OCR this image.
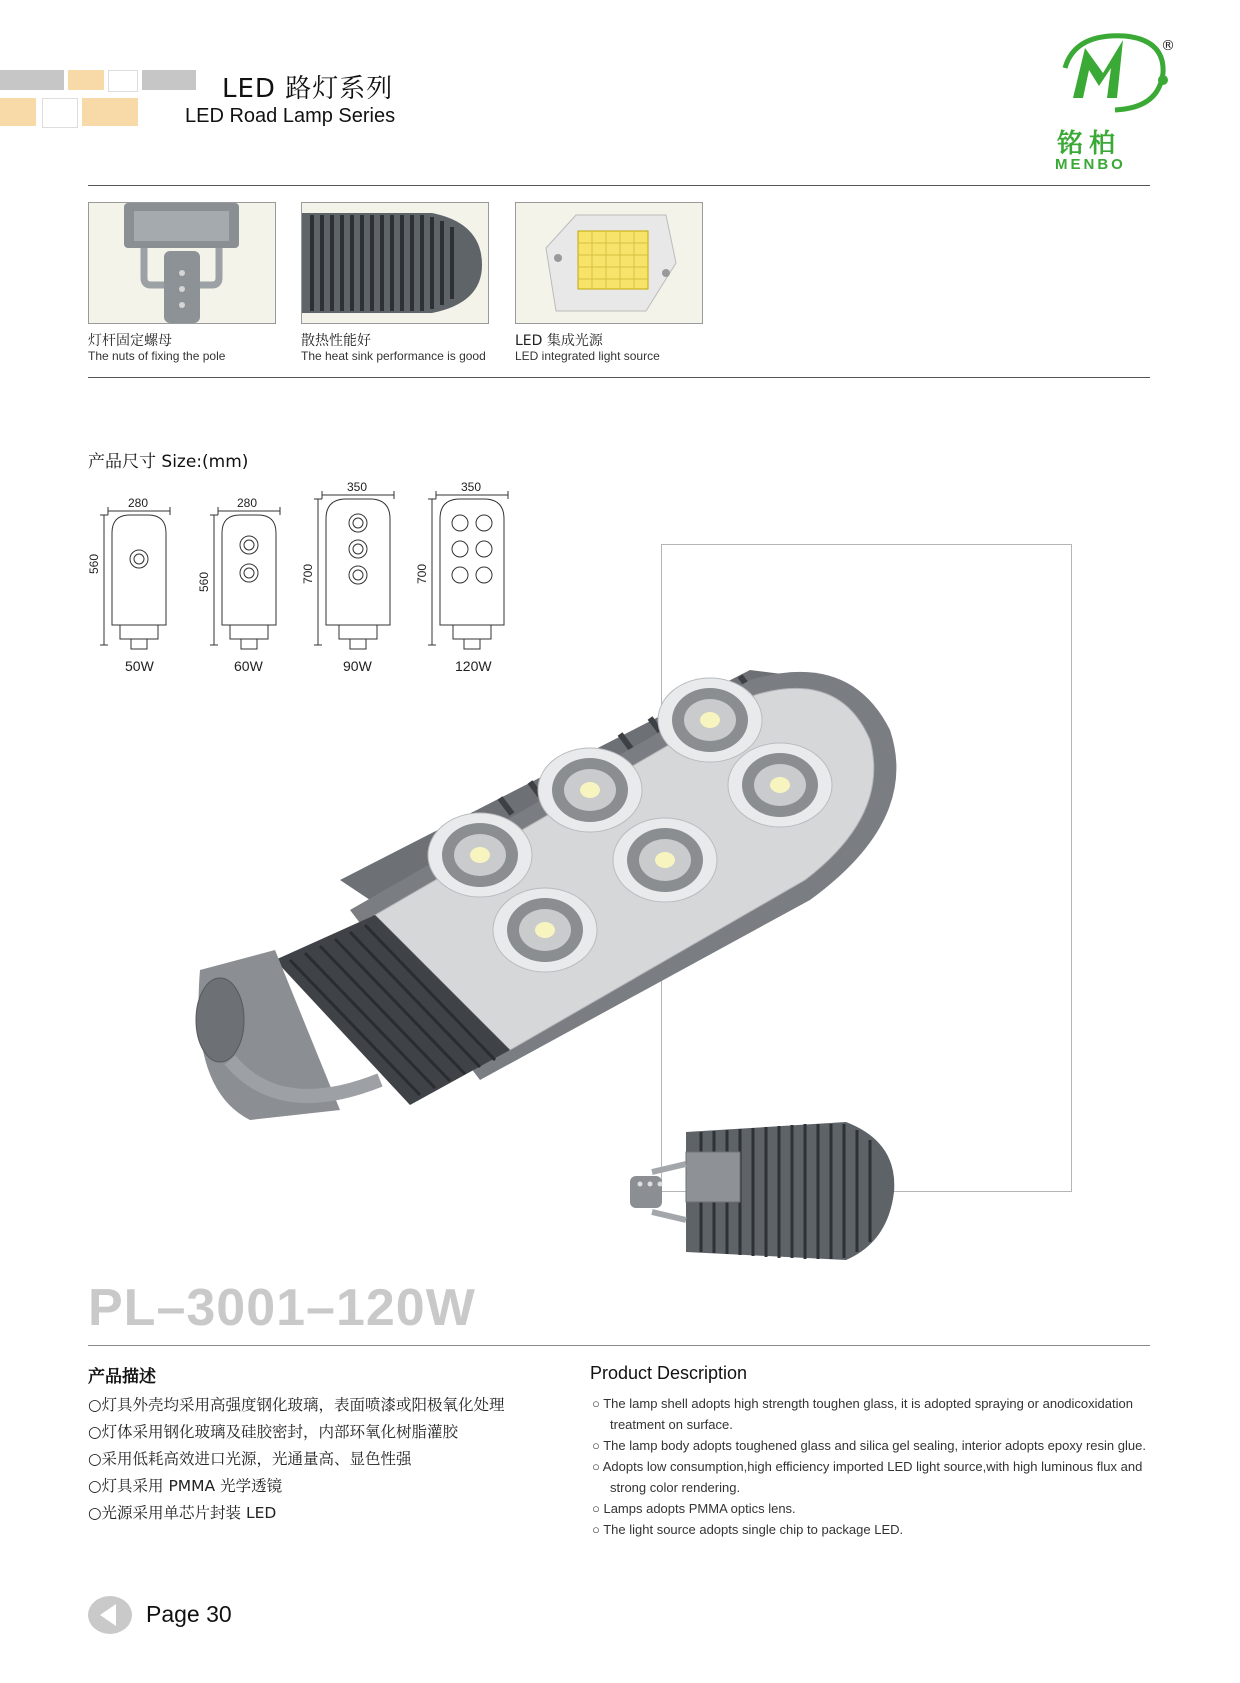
LED 路灯系列
LED Road Lamp Series
®
铭柏
MENBO
灯杆固定螺母
The nuts of fixing the pole
散热性能好
The heat sink performance is good
LED 集成光源
LED integrated light source
产品尺寸 Size:(mm)
280	280
350	350
560
560	700	700
50W	60W	90W	120W
PL–3001–120W
产品描述
○灯具外壳均采用高强度钢化玻璃，表面喷漆或阳极氧化处理
○灯体采用钢化玻璃及硅胶密封，内部环氧化树脂灌胶
○采用低耗高效进口光源，光通量高、显色性强
○灯具采用 PMMA 光学透镜
○光源采用单芯片封装 LED
Product Description
○ The lamp shell adopts high strength toughen glass, it is adopted spraying or anodicoxidation treatment on surface.
○ The lamp body adopts toughened glass and silica gel sealing, interior adopts epoxy resin glue.
○ Adopts low consumption,high efficiency imported LED light source,with high luminous flux and strong color rendering.
○ Lamps adopts PMMA optics lens.
○ The light source adopts single chip to package LED.
Page 30
